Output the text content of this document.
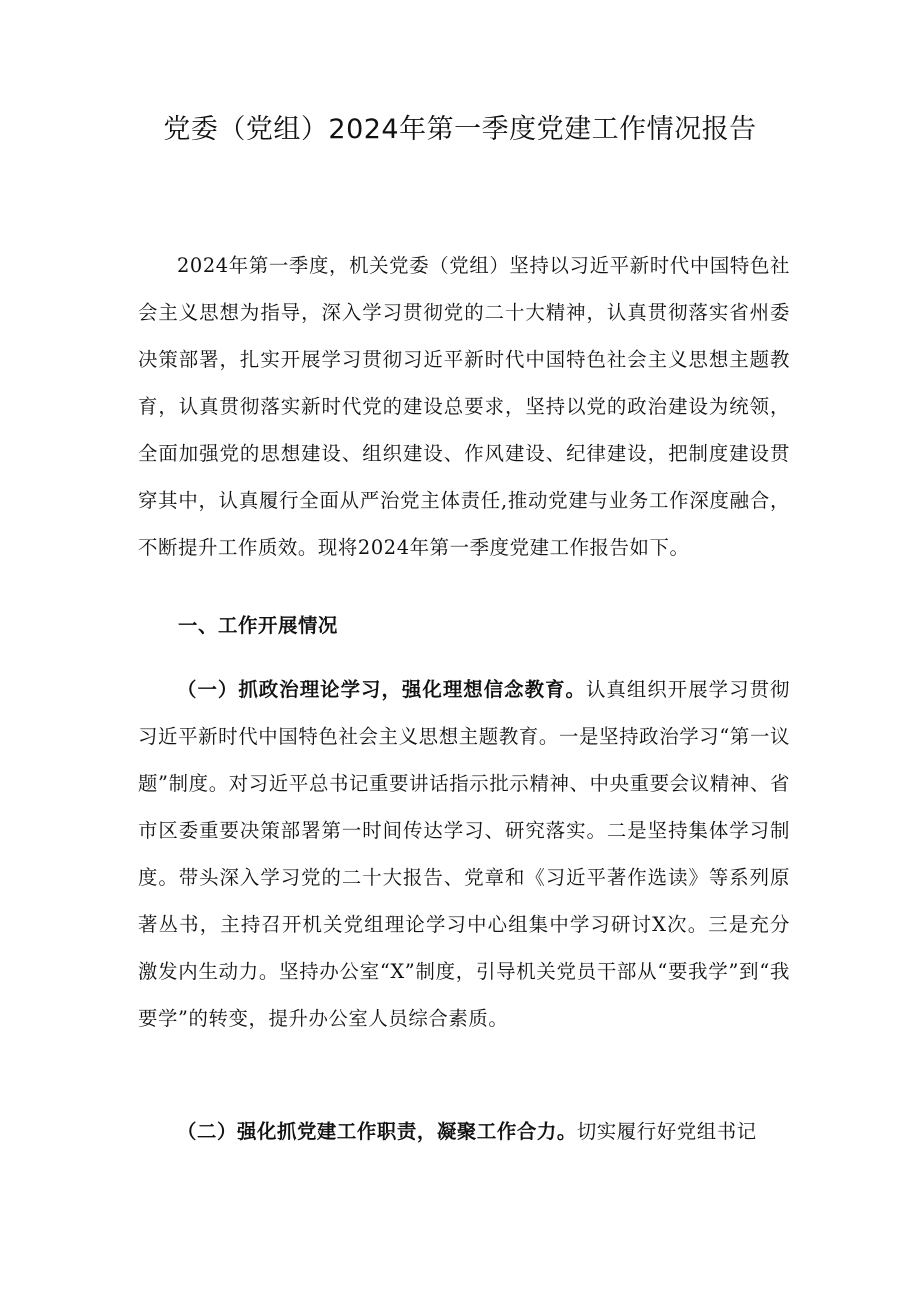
党委（党组）2024年第一季度党建工作情况报告

2024年第一季度，机关党委（党组）坚持以习近平新时代中国特色社会主义思想为指导，深入学习贯彻党的二十大精神，认真贯彻落实省州委决策部署，扎实开展学习贯彻习近平新时代中国特色社会主义思想主题教育，认真贯彻落实新时代党的建设总要求，坚持以党的政治建设为统领，全面加强党的思想建设、组织建设、作风建设、纪律建设，把制度建设贯穿其中，认真履行全面从严治党主体责任,推动党建与业务工作深度融合，不断提升工作质效。现将2024年第一季度党建工作报告如下。

一、工作开展情况

（一）抓政治理论学习，强化理想信念教育。认真组织开展学习贯彻习近平新时代中国特色社会主义思想主题教育。一是坚持政治学习“第一议题”制度。对习近平总书记重要讲话指示批示精神、中央重要会议精神、省市区委重要决策部署第一时间传达学习、研究落实。二是坚持集体学习制度。带头深入学习党的二十大报告、党章和《习近平著作选读》等系列原著丛书，主持召开机关党组理论学习中心组集中学习研讨X次。三是充分激发内生动力。坚持办公室“X”制度，引导机关党员干部从“要我学”到“我要学”的转变，提升办公室人员综合素质。

（二）强化抓党建工作职责，凝聚工作合力。切实履行好党组书记
